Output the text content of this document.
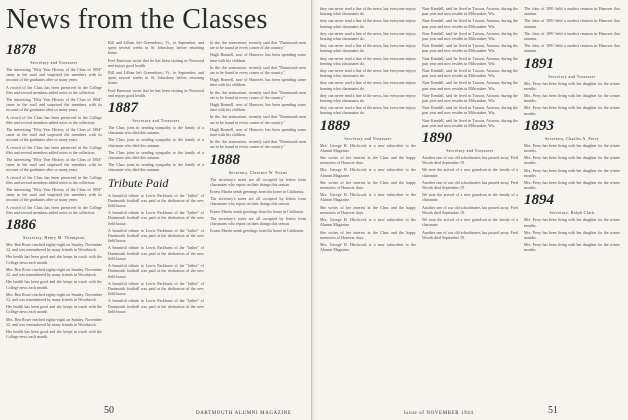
News from the Classes
1878
Secretary and Treasurer

The interesting "Fifty Year History of the Class of 1894" came in the mail and surprised the members with its account of the graduates after so many years.

A record of the Class has been preserved in the College files and several members added notes to the collection.

The interesting "Fifty Year History of the Class of 1894" came in the mail and surprised the members with its account of the graduates after so many years.

A record of the Class has been preserved in the College files and several members added notes to the collection.

The interesting "Fifty Year History of the Class of 1894" came in the mail and surprised the members with its account of the graduates after so many years.

A record of the Class has been preserved in the College files and several members added notes to the collection.

The interesting "Fifty Year History of the Class of 1894" came in the mail and surprised the members with its account of the graduates after so many years.

A record of the Class has been preserved in the College files and several members added notes to the collection.

The interesting "Fifty Year History of the Class of 1894" came in the mail and surprised the members with its account of the graduates after so many years.

A record of the Class has been preserved in the College files and several members added notes to the collection.

1886
Secretary, Henry M. Thompson

Mrs. Ben Rowe reached eighty-eight on Sunday, November 12, and was remembered by many friends in Woodstock.

Her health has been good and she keeps in touch with the College news each month.

Mrs. Ben Rowe reached eighty-eight on Sunday, November 12, and was remembered by many friends in Woodstock.

Her health has been good and she keeps in touch with the College news each month.

Mrs. Ben Rowe reached eighty-eight on Sunday, November 12, and was remembered by many friends in Woodstock.

Her health has been good and she keeps in touch with the College news each month.

Mrs. Ben Rowe reached eighty-eight on Sunday, November 12, and was remembered by many friends in Woodstock.

Her health has been good and she keeps in touch with the College news each month.

Bill and Lillian left Greensboro, Vt., in September, and spent several weeks in St. Johnsbury before returning home.

Fred Emerson wrote that he has been visiting in Norwood and enjoys good health.

Bill and Lillian left Greensboro, Vt., in September, and spent several weeks in St. Johnsbury before returning home.

Fred Emerson wrote that he has been visiting in Norwood and enjoys good health.

1887
Secretary and Treasurer

The Class joins in sending sympathy to the family of a classmate who died this autumn.

The Class joins in sending sympathy to the family of a classmate who died this autumn.

The Class joins in sending sympathy to the family of a classmate who died this autumn.

The Class joins in sending sympathy to the family of a classmate who died this autumn.

Tribute Paid

A beautiful tribute to Lewis Parkhurst of the "father" of Dartmouth football was paid at the dedication of the new field house.

A beautiful tribute to Lewis Parkhurst of the "father" of Dartmouth football was paid at the dedication of the new field house.

A beautiful tribute to Lewis Parkhurst of the "father" of Dartmouth football was paid at the dedication of the new field house.

A beautiful tribute to Lewis Parkhurst of the "father" of Dartmouth football was paid at the dedication of the new field house.

A beautiful tribute to Lewis Parkhurst of the "father" of Dartmouth football was paid at the dedication of the new field house.

A beautiful tribute to Lewis Parkhurst of the "father" of Dartmouth football was paid at the dedication of the new field house.

A beautiful tribute to Lewis Parkhurst of the "father" of Dartmouth football was paid at the dedication of the new field house.

In the, the sermonizer, recently said that "Dartmouth men are to be found in every corner of the country."

Hugh Bonnell, now of Hanover, has been spending some time with his children.

In the, the sermonizer, recently said that "Dartmouth men are to be found in every corner of the country."

Hugh Bonnell, now of Hanover, has been spending some time with his children.

In the, the sermonizer, recently said that "Dartmouth men are to be found in every corner of the country."

Hugh Bonnell, now of Hanover, has been spending some time with his children.

In the, the sermonizer, recently said that "Dartmouth men are to be found in every corner of the country."

Hugh Bonnell, now of Hanover, has been spending some time with his children.

In the, the sermonizer, recently said that "Dartmouth men are to be found in every corner of the country."

1888
Secretary, Clarence W. Evans

The secretary's notes are all occupied by letters from classmates who report on their doings this season.

Ernest Martin sends greetings from his home in California.

The secretary's notes are all occupied by letters from classmates who report on their doings this season.

Ernest Martin sends greetings from his home in California.

The secretary's notes are all occupied by letters from classmates who report on their doings this season.

Ernest Martin sends greetings from his home in California.

50	DARTMOUTH ALUMNI MAGAZINE

they can never read a line of the news, but everyone enjoys hearing what classmates do.

they can never read a line of the news, but everyone enjoys hearing what classmates do.

they can never read a line of the news, but everyone enjoys hearing what classmates do.

they can never read a line of the news, but everyone enjoys hearing what classmates do.

they can never read a line of the news, but everyone enjoys hearing what classmates do.

they can never read a line of the news, but everyone enjoys hearing what classmates do.

they can never read a line of the news, but everyone enjoys hearing what classmates do.

they can never read a line of the news, but everyone enjoys hearing what classmates do.

they can never read a line of the news, but everyone enjoys hearing what classmates do.

1889
Secretary and Treasurer

Mrs. George H. Hitchcock is a new subscriber to the Alumni Magazine.

She writes of her interest in the Class and the happy memories of Hanover days.

Mrs. George H. Hitchcock is a new subscriber to the Alumni Magazine.

She writes of her interest in the Class and the happy memories of Hanover days.

Mrs. George H. Hitchcock is a new subscriber to the Alumni Magazine.

She writes of her interest in the Class and the happy memories of Hanover days.

Mrs. George H. Hitchcock is a new subscriber to the Alumni Magazine.

She writes of her interest in the Class and the happy memories of Hanover days.

Mrs. George H. Hitchcock is a new subscriber to the Alumni Magazine.

Nate Kendall, said he lived in Tucson, Arizona, during the past year and now resides in Milwaukee, Wis.

Nate Kendall, said he lived in Tucson, Arizona, during the past year and now resides in Milwaukee, Wis.

Nate Kendall, said he lived in Tucson, Arizona, during the past year and now resides in Milwaukee, Wis.

Nate Kendall, said he lived in Tucson, Arizona, during the past year and now resides in Milwaukee, Wis.

Nate Kendall, said he lived in Tucson, Arizona, during the past year and now resides in Milwaukee, Wis.

Nate Kendall, said he lived in Tucson, Arizona, during the past year and now resides in Milwaukee, Wis.

Nate Kendall, said he lived in Tucson, Arizona, during the past year and now resides in Milwaukee, Wis.

Nate Kendall, said he lived in Tucson, Arizona, during the past year and now resides in Milwaukee, Wis.

Nate Kendall, said he lived in Tucson, Arizona, during the past year and now resides in Milwaukee, Wis.

Nate Kendall, said he lived in Tucson, Arizona, during the past year and now resides in Milwaukee, Wis.

1890
Secretary and Treasurer

Another one of our old schoolmates has passed away. Fred Woods died September 19.

We note the arrival of a new grandson in the family of a classmate.

Another one of our old schoolmates has passed away. Fred Woods died September 19.

We note the arrival of a new grandson in the family of a classmate.

Another one of our old schoolmates has passed away. Fred Woods died September 19.

We note the arrival of a new grandson in the family of a classmate.

Another one of our old schoolmates has passed away. Fred Woods died September 19.

The class of 1891 held a modest reunion in Hanover this autumn.

The class of 1891 held a modest reunion in Hanover this autumn.

The class of 1891 held a modest reunion in Hanover this autumn.

The class of 1891 held a modest reunion in Hanover this autumn.

1891
Secretary and Treasurer

Mrs. Perry has been living with her daughter for the winter months.

Mrs. Perry has been living with her daughter for the winter months.

Mrs. Perry has been living with her daughter for the winter months.

1893
Secretary, Charles A. Perry

Mrs. Perry has been living with her daughter for the winter months.

Mrs. Perry has been living with her daughter for the winter months.

Mrs. Perry has been living with her daughter for the winter months.

Mrs. Perry has been living with her daughter for the winter months.

1894
Secretary, Ralph Clark

Mrs. Perry has been living with her daughter for the winter months.

Mrs. Perry has been living with her daughter for the winter months.

Mrs. Perry has been living with her daughter for the winter months.

Issue of NOVEMBER 1944	51
